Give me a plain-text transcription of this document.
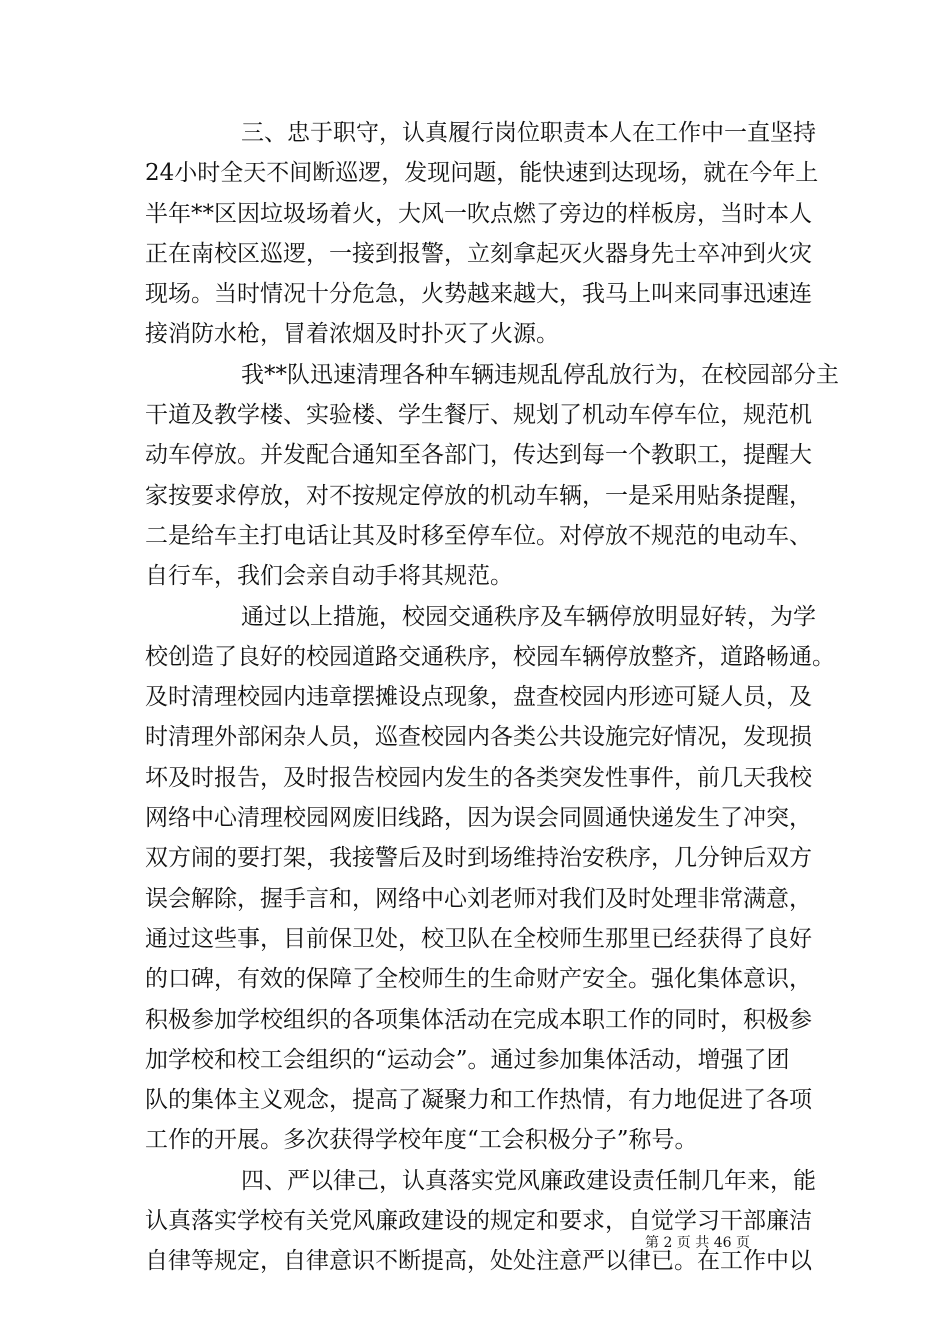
三、忠于职守，认真履行岗位职责本人在工作中一直坚持
24小时全天不间断巡逻，发现问题，能快速到达现场，就在今年上
半年**区因垃圾场着火，大风一吹点燃了旁边的样板房，当时本人
正在南校区巡逻，一接到报警，立刻拿起灭火器身先士卒冲到火灾
现场。当时情况十分危急，火势越来越大，我马上叫来同事迅速连
接消防水枪，冒着浓烟及时扑灭了火源。
我**队迅速清理各种车辆违规乱停乱放行为，在校园部分主
干道及教学楼、实验楼、学生餐厅、规划了机动车停车位，规范机
动车停放。并发配合通知至各部门，传达到每一个教职工，提醒大
家按要求停放，对不按规定停放的机动车辆，一是采用贴条提醒，
二是给车主打电话让其及时移至停车位。对停放不规范的电动车、
自行车，我们会亲自动手将其规范。
通过以上措施，校园交通秩序及车辆停放明显好转，为学
校创造了良好的校园道路交通秩序，校园车辆停放整齐，道路畅通。
及时清理校园内违章摆摊设点现象，盘查校园内形迹可疑人员，及
时清理外部闲杂人员，巡查校园内各类公共设施完好情况，发现损
坏及时报告，及时报告校园内发生的各类突发性事件，前几天我校
网络中心清理校园网废旧线路，因为误会同圆通快递发生了冲突，
双方闹的要打架，我接警后及时到场维持治安秩序，几分钟后双方
误会解除，握手言和，网络中心刘老师对我们及时处理非常满意，
通过这些事，目前保卫处，校卫队在全校师生那里已经获得了良好
的口碑，有效的保障了全校师生的生命财产安全。强化集体意识，
积极参加学校组织的各项集体活动在完成本职工作的同时，积极参
加学校和校工会组织的“运动会”。通过参加集体活动，增强了团
队的集体主义观念，提高了凝聚力和工作热情，有力地促进了各项
工作的开展。多次获得学校年度“工会积极分子”称号。
四、严以律己，认真落实党风廉政建设责任制几年来，能
认真落实学校有关党风廉政建设的规定和要求，自觉学习干部廉洁
自律等规定，自律意识不断提高，处处注意严以律已。在工作中以
第 2 页 共 46 页
